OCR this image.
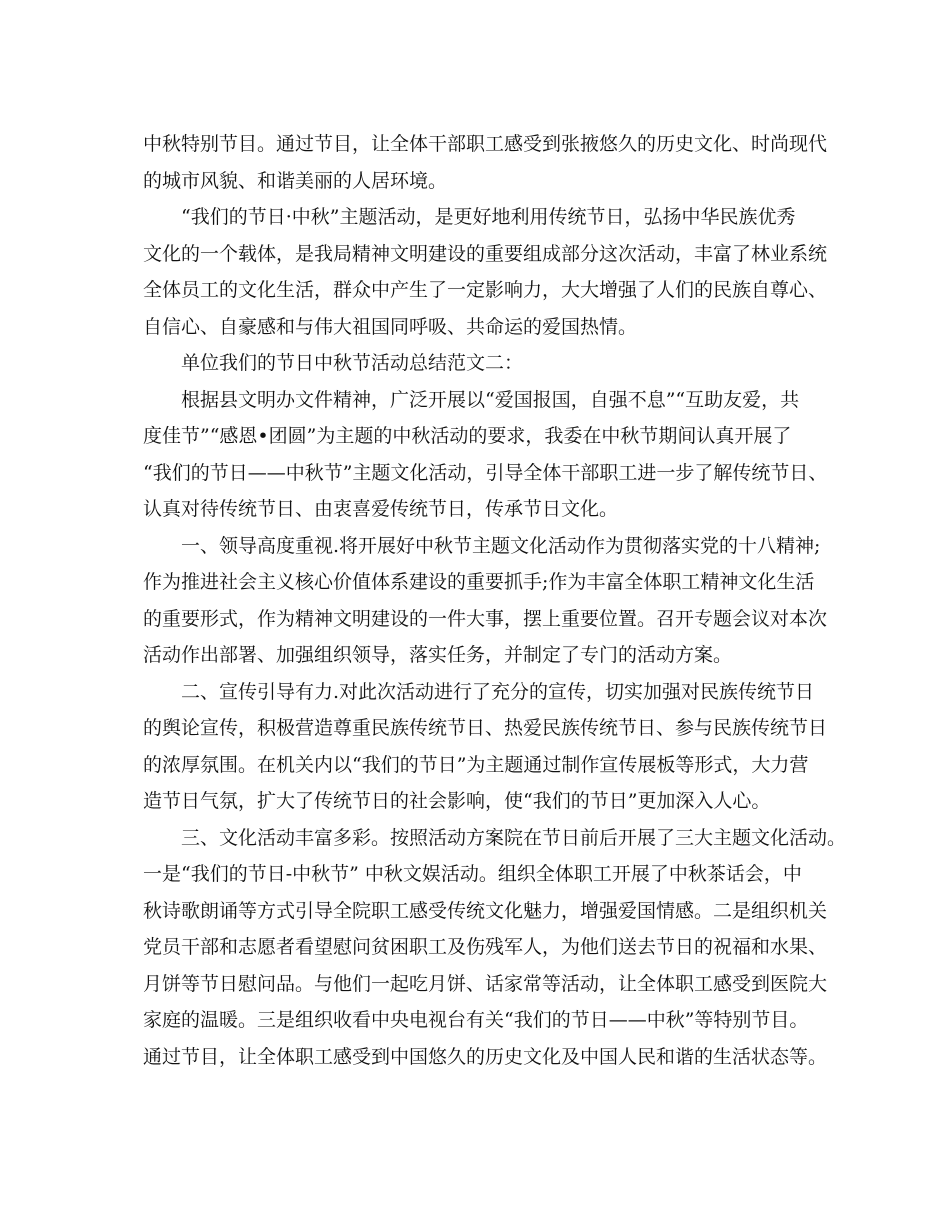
中秋特别节目。通过节目，让全体干部职工感受到张掖悠久的历史文化、时尚现代
的城市风貌、和谐美丽的人居环境。
“我们的节日·中秋”主题活动，是更好地利用传统节日，弘扬中华民族优秀
文化的一个载体，是我局精神文明建设的重要组成部分这次活动，丰富了林业系统
全体员工的文化生活，群众中产生了一定影响力，大大增强了人们的民族自尊心、
自信心、自豪感和与伟大祖国同呼吸、共命运的爱国热情。
单位我们的节日中秋节活动总结范文二：
根据县文明办文件精神，广泛开展以“爱国报国，自强不息”“互助友爱，共
度佳节”“感恩•团圆”为主题的中秋活动的要求，我委在中秋节期间认真开展了
“我们的节日——中秋节”主题文化活动，引导全体干部职工进一步了解传统节日、
认真对待传统节日、由衷喜爱传统节日，传承节日文化。
一、领导高度重视.将开展好中秋节主题文化活动作为贯彻落实党的十八精神;
作为推进社会主义核心价值体系建设的重要抓手;作为丰富全体职工精神文化生活
的重要形式，作为精神文明建设的一件大事，摆上重要位置。召开专题会议对本次
活动作出部署、加强组织领导，落实任务，并制定了专门的活动方案。
二、宣传引导有力.对此次活动进行了充分的宣传，切实加强对民族传统节日
的舆论宣传，积极营造尊重民族传统节日、热爱民族传统节日、参与民族传统节日
的浓厚氛围。在机关内以“我们的节日”为主题通过制作宣传展板等形式，大力营
造节日气氛，扩大了传统节日的社会影响，使“我们的节日”更加深入人心。
三、文化活动丰富多彩。按照活动方案院在节日前后开展了三大主题文化活动。
一是“我们的节日-中秋节” 中秋文娱活动。组织全体职工开展了中秋茶话会，中
秋诗歌朗诵等方式引导全院职工感受传统文化魅力，增强爱国情感。二是组织机关
党员干部和志愿者看望慰问贫困职工及伤残军人，为他们送去节日的祝福和水果、
月饼等节日慰问品。与他们一起吃月饼、话家常等活动，让全体职工感受到医院大
家庭的温暖。三是组织收看中央电视台有关“我们的节日——中秋”等特别节目。
通过节目，让全体职工感受到中国悠久的历史文化及中国人民和谐的生活状态等。
